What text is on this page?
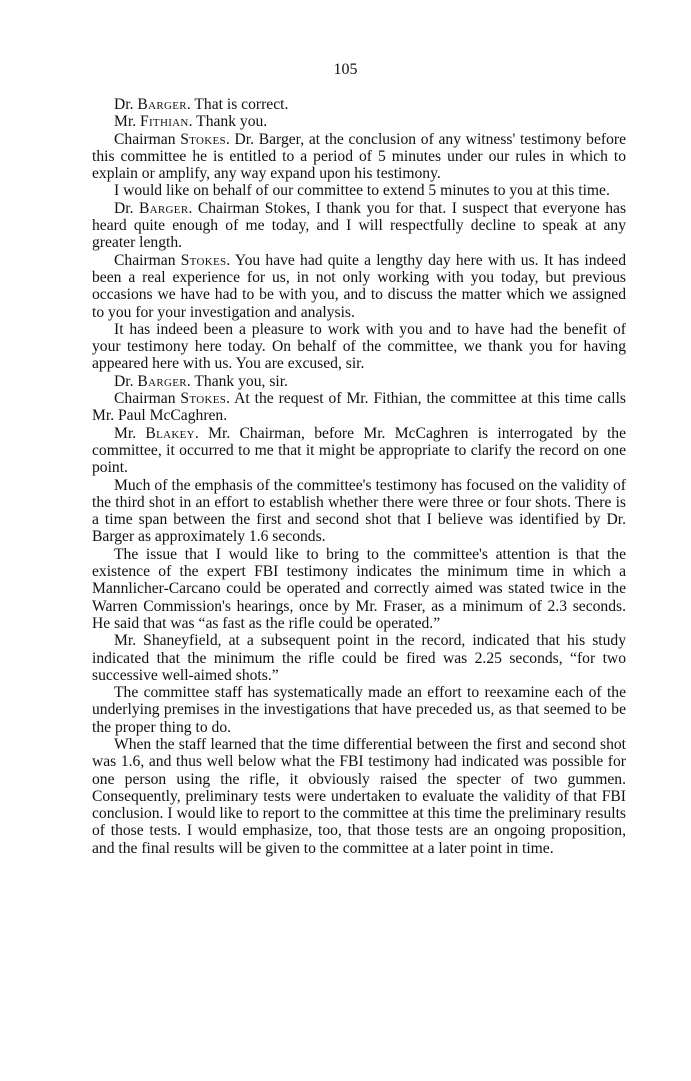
105

Dr. Barger. That is correct.

Mr. Fithian. Thank you.

Chairman Stokes. Dr. Barger, at the conclusion of any witness' testimony before this committee he is entitled to a period of 5 minutes under our rules in which to explain or amplify, any way expand upon his testimony.

I would like on behalf of our committee to extend 5 minutes to you at this time.

Dr. Barger. Chairman Stokes, I thank you for that. I suspect that everyone has heard quite enough of me today, and I will respectfully decline to speak at any greater length.

Chairman Stokes. You have had quite a lengthy day here with us. It has indeed been a real experience for us, in not only working with you today, but previous occasions we have had to be with you, and to discuss the matter which we assigned to you for your investigation and analysis.

It has indeed been a pleasure to work with you and to have had the benefit of your testimony here today. On behalf of the committee, we thank you for having appeared here with us. You are excused, sir.

Dr. Barger. Thank you, sir.

Chairman Stokes. At the request of Mr. Fithian, the committee at this time calls Mr. Paul McCaghren.

Mr. Blakey. Mr. Chairman, before Mr. McCaghren is interrogated by the committee, it occurred to me that it might be appropriate to clarify the record on one point.

Much of the emphasis of the committee's testimony has focused on the validity of the third shot in an effort to establish whether there were three or four shots. There is a time span between the first and second shot that I believe was identified by Dr. Barger as approximately 1.6 seconds.

The issue that I would like to bring to the committee's attention is that the existence of the expert FBI testimony indicates the minimum time in which a Mannlicher-Carcano could be operated and correctly aimed was stated twice in the Warren Commission's hearings, once by Mr. Fraser, as a minimum of 2.3 seconds. He said that was “as fast as the rifle could be operated.”

Mr. Shaneyfield, at a subsequent point in the record, indicated that his study indicated that the minimum the rifle could be fired was 2.25 seconds, “for two successive well-aimed shots.”

The committee staff has systematically made an effort to reexamine each of the underlying premises in the investigations that have preceded us, as that seemed to be the proper thing to do.

When the staff learned that the time differential between the first and second shot was 1.6, and thus well below what the FBI testimony had indicated was possible for one person using the rifle, it obviously raised the specter of two gummen. Consequently, preliminary tests were undertaken to evaluate the validity of that FBI conclusion. I would like to report to the committee at this time the preliminary results of those tests. I would emphasize, too, that those tests are an ongoing proposition, and the final results will be given to the committee at a later point in time.
